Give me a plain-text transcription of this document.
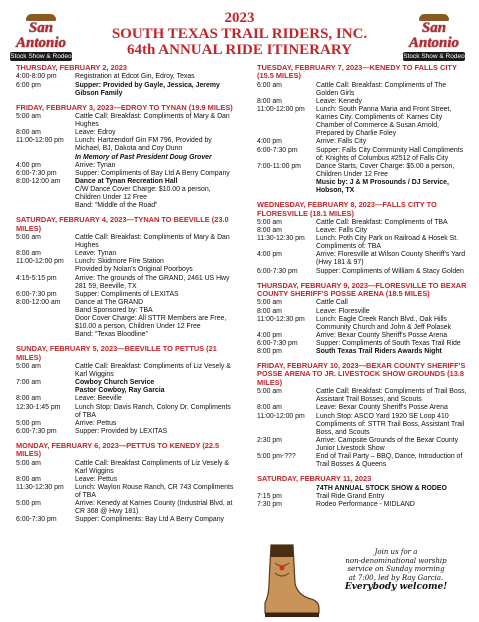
San Antonio
Stock Show & Rodeo
San Antonio
Stock Show & Rodeo
2023
SOUTH TEXAS TRAIL RIDERS, INC.
64th ANNUAL RIDE ITINERARY
THURSDAY, FEBRUARY 2, 2023
4:00-8:00 pm	Registration at Edcot Gin, Edroy, Texas
6:00 pm	Supper: Provided by Gayle, Jessica, Jeremy Gibson Family
FRIDAY, FEBRUARY 3, 2023—EDROY TO TYNAN (19.9 MILES)
5:00 am	Cattle Call: Breakfast: Compliments of Mary & Dan Hughes
8:00 am	Leave: Edroy
11:00-12:00 pm	Lunch: Hartzendorf Gin FM 796, Provided by Michael, BJ, Dakota and Coy Dunn
In Memory of Past President Doug Grover
4:00 pm	Arrive: Tynan
6:00-7:30 pm	Supper: Compliments of Bay Ltd A Berry Company
8:00-12:00 am	Dance at Tynan Recreation Hall
C/W Dance Cover Charge: $10.00 a person, Children Under 12 Free
Band: “Middle of the Road”
SATURDAY, FEBRUARY 4, 2023—TYNAN TO BEEVILLE (23.0 MILES)
5:00 am	Cattle Call: Breakfast: Compliments of Mary & Dan Hughes
8:00 am	Leave: Tynan
11:00-12:00 pm	Lunch: Skidmore Fire Station
Provided by Nolan's Original Poorboys
4:15-5:15 pm	Arrive: The grounds of The GRAND, 2461 US Hwy 281 59, Beeville, TX
6:00-7:30 pm	Supper: Compliments of LEXITAS
8:00-12:00 am	Dance at The GRAND
Band Sponsored by: TBA
Door Cover Charge: All STTR Members are Free, $10.00 a person, Children Under 12 Free
Band: “Texas Bloodline”
SUNDAY, FEBRUARY 5, 2023—BEEVILLE TO PETTUS (21 MILES)
5:00 am	Cattle Call: Breakfast: Compliments of Liz Vesely & Karl Wiggins
7:00 am	Cowboy Church Service
Pastor Cowboy, Ray Garcia
8:00 am	Leave: Beeville
12:30-1:45 pm	Lunch Stop: Davis Ranch, Colony Dr. Compliments of TBA
5:00 pm	Arrive: Pettus
6:00-7:30 pm	Supper: Provided by LEXITAS
MONDAY, FEBRUARY 6, 2023—PETTUS TO KENEDY (22.5 MILES)
5:00 am	Cattle Call: Breakfast Compliments of Liz Vesely & Karl Wiggins
8:00 am	Leave: Pettus
11:30-12:30 pm	Lunch: Waylon Rouse Ranch, CR 743 Compliments of TBA
5:00 pm	Arrive: Kenedy at Karnes County (Industrial Blvd, at CR 368 @ Hwy 181)
6:00-7:30 pm	Supper: Compliments: Bay Ltd A Berry Company
TUESDAY, FEBRUARY 7, 2023—KENEDY TO FALLS CITY (15.5 MILES)
6:00 am	Cattle Call: Breakfast: Compliments of The Golden Girls
8:00 am	Leave: Kenedy
11:00-12:00 pm	Lunch: South Panna Maria and Front Street, Karnes City. Compliments of: Karnes City Chamber of Commerce & Susan Arnold, Prepared by Charlie Foley
4:00 pm	Arrive: Falls City
6:00-7:30 pm	Supper: Falls City Community Hall Compliments of: Knights of Columbus #2512 of Falls City
7:00-11:00 pm	Dance Starts, Cover Charge: $5.00 a person, Children Under 12 Free
Music by: J & M Prosounds / DJ Service, Hobson, TX
WEDNESDAY, FEBRUARY 8, 2023—FALLS CITY TO FLORESVILLE (18.1 MILES)
5:00 am	Cattle Call: Breakfast: Compliments of TBA
8:00 am	Leave: Falls City
11:30-12:30 pm	Lunch: Poth City Park on Railroad & Hosek St. Compliments of: TBA
4:00 pm	Arrive: Floresville at Wilson County Sheriff's Yard (Hwy 181 & 97)
6:00-7:30 pm	Supper: Compliments of William & Stacy Golden
THURSDAY, FEBRUARY 9, 2023—FLORESVILLE TO BEXAR COUNTY SHERIFF'S POSSE ARENA (18.5 MILES)
5:00 am	Cattle Call
8:00 am	Leave: Floresville
11:00-12:30 pm	Lunch: Eagle Creek Ranch Blvd., Oak Hills Community Church and John & Jeff Polasek
4:00 pm	Arrive: Bexar County Sheriff's Posse Arena
6:00-7:30 pm	Supper: Compliments of South Texas Trail Ride
8:00 pm	South Texas Trail Riders Awards Night
FRIDAY, FEBRUARY 10, 2023—BEXAR COUNTY SHERIFF'S POSSE ARENA TO JR. LIVESTOCK SHOW GROUNDS (13.8 MILES)
5:00 am	Cattle Call: Breakfast: Compliments of Trail Boss, Assistant Trail Bosses, and Scouts
8:00 am	Leave: Bexar County Sheriff's Posse Arena
11:00-12:00 pm	Lunch Stop: ASCO Yard 1920 SE Loop 410 Compliments of: STTR Trail Boss, Assistant Trail Boss, and Scouts
2:30 pm	Arrive: Campsite Grounds of the Bexar County Junior Livestock Show
5:00 pm-???	End of Trail Party – BBQ, Dance, Introduction of Trail Bosses & Queens
SATURDAY, FEBRUARY 11, 2023
74TH ANNUAL STOCK SHOW & RODEO
7:15 pm	Trail Ride Grand Entry
7:30 pm	Rodeo Performance - MIDLAND
Join us for a
non-denominational worship
service on Sunday morning
at 7:00, led by Ray Garcia.
Everybody welcome!
